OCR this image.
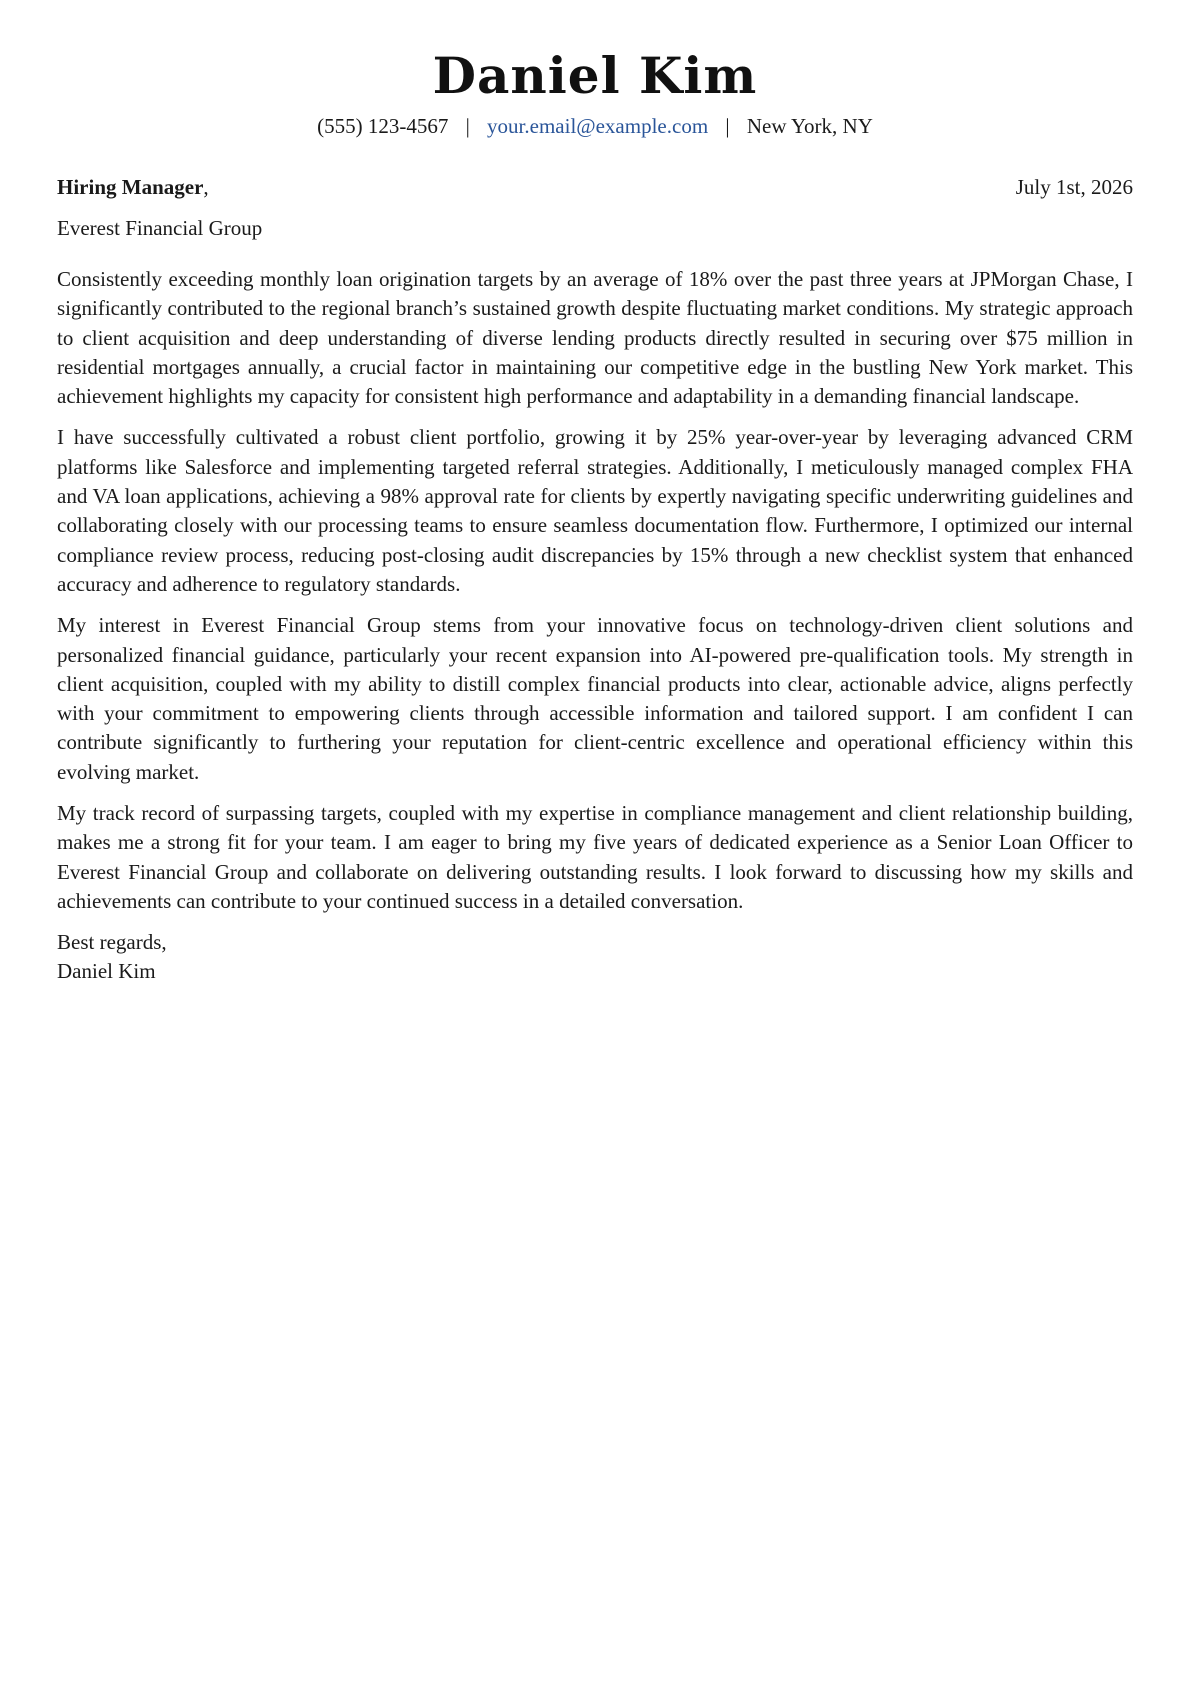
Daniel Kim
(555) 123-4567 | your.email@example.com | New York, NY
Hiring Manager,	July 1st, 2026
Everest Financial Group

Consistently exceeding monthly loan origination targets by an average of 18% over the past three years at JPMorgan Chase, I significantly contributed to the regional branch’s sustained growth despite fluctuating market conditions. My strategic approach to client acquisition and deep understanding of diverse lending products directly resulted in securing over $75 million in residential mortgages annually, a crucial factor in maintaining our competitive edge in the bustling New York market. This achievement highlights my capacity for consistent high performance and adaptability in a demanding financial landscape.

I have successfully cultivated a robust client portfolio, growing it by 25% year-over-year by leveraging advanced CRM platforms like Salesforce and implementing targeted referral strategies. Additionally, I meticulously managed complex FHA and VA loan applications, achieving a 98% approval rate for clients by expertly navigating specific underwriting guidelines and collaborating closely with our processing teams to ensure seamless documentation flow. Furthermore, I optimized our internal compliance review process, reducing post-closing audit discrepancies by 15% through a new checklist system that enhanced accuracy and adherence to regulatory standards.

My interest in Everest Financial Group stems from your innovative focus on technology-driven client solutions and personalized financial guidance, particularly your recent expansion into AI-powered pre-qualification tools. My strength in client acquisition, coupled with my ability to distill complex financial products into clear, actionable advice, aligns perfectly with your commitment to empowering clients through accessible information and tailored support. I am confident I can contribute significantly to furthering your reputation for client-centric excellence and operational efficiency within this evolving market.

My track record of surpassing targets, coupled with my expertise in compliance management and client relationship building, makes me a strong fit for your team. I am eager to bring my five years of dedicated experience as a Senior Loan Officer to Everest Financial Group and collaborate on delivering outstanding results. I look forward to discussing how my skills and achievements can contribute to your continued success in a detailed conversation.

Best regards,
Daniel Kim
